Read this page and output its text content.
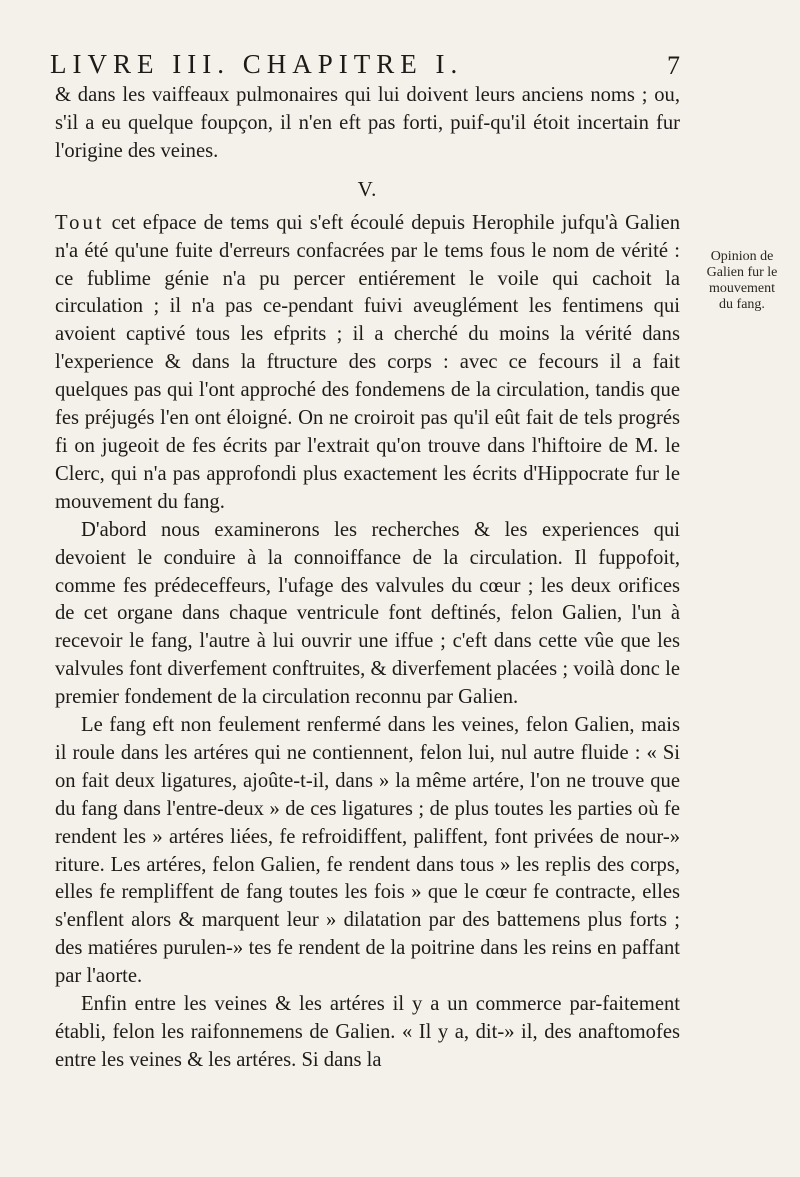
LIVRE III. CHAPITRE I.	7

& dans les vaiffeaux pulmonaires qui lui doivent leurs anciens noms ; ou, s'il a eu quelque foupçon, il n'en eft pas forti, puif-qu'il étoit incertain fur l'origine des veines.

V.

Tout cet efpace de tems qui s'eft écoulé depuis Herophile jufqu'à Galien n'a été qu'une fuite d'erreurs confacrées par le tems fous le nom de vérité : ce fublime génie n'a pu percer entiérement le voile qui cachoit la circulation ; il n'a pas ce-pendant fuivi aveuglément les fentimens qui avoient captivé tous les efprits ; il a cherché du moins la vérité dans l'experience & dans la ftructure des corps : avec ce fecours il a fait quelques pas qui l'ont approché des fondemens de la circulation, tandis que fes préjugés l'en ont éloigné. On ne croiroit pas qu'il eût fait de tels progrés fi on jugeoit de fes écrits par l'extrait qu'on trouve dans l'hiftoire de M. le Clerc, qui n'a pas approfondi plus exactement les écrits d'Hippocrate fur le mouvement du fang.

D'abord nous examinerons les recherches & les experiences qui devoient le conduire à la connoiffance de la circulation. Il fuppofoit, comme fes prédeceffeurs, l'ufage des valvules du cœur ; les deux orifices de cet organe dans chaque ventricule font deftinés, felon Galien, l'un à recevoir le fang, l'autre à lui ouvrir une iffue ; c'eft dans cette vûe que les valvules font diverfement conftruites, & diverfement placées ; voilà donc le premier fondement de la circulation reconnu par Galien.

Le fang eft non feulement renfermé dans les veines, felon Galien, mais il roule dans les artéres qui ne contiennent, felon lui, nul autre fluide : « Si on fait deux ligatures, ajoûte-t-il, dans » la même artére, l'on ne trouve que du fang dans l'entre-deux » de ces ligatures ; de plus toutes les parties où fe rendent les » artéres liées, fe refroidiffent, paliffent, font privées de nour-» riture. Les artéres, felon Galien, fe rendent dans tous » les replis des corps, elles fe rempliffent de fang toutes les fois » que le cœur fe contracte, elles s'enflent alors & marquent leur » dilatation par des battemens plus forts ; des matiéres purulen-» tes fe rendent de la poitrine dans les reins en paffant par l'aorte.

Enfin entre les veines & les artéres il y a un commerce par-faitement établi, felon les raifonnemens de Galien. « Il y a, dit-» il, des anaftomofes entre les veines & les artéres. Si dans la

Opinion de
Galien fur le
mouvement
du fang.
